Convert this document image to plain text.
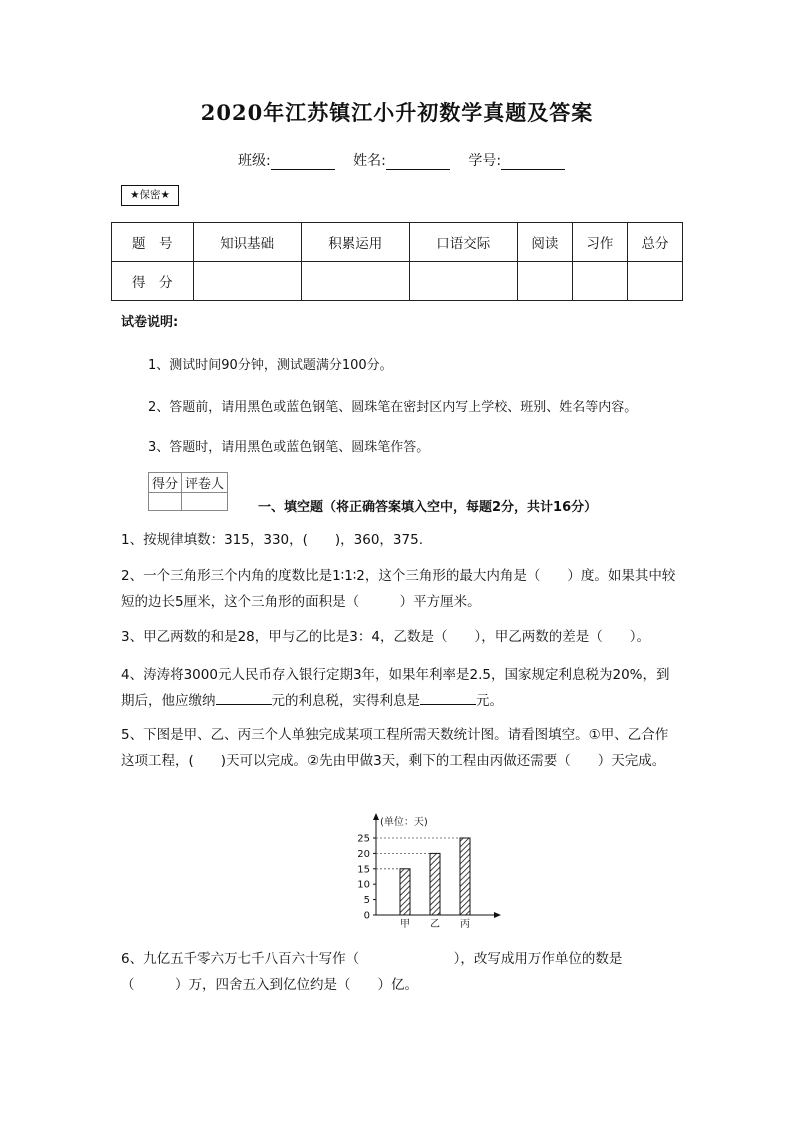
2020年江苏镇江小升初数学真题及答案
班级:	姓名:	学号:
★保密★
题　号	知识基础	积累运用	口语交际	阅读	习作	总分
得　分						
试卷说明:
1、测试时间90分钟，测试题满分100分。
2、答题前，请用黑色或蓝色钢笔、圆珠笔在密封区内写上学校、班别、姓名等内容。
3、答题时，请用黑色或蓝色钢笔、圆珠笔作答。
得分	评卷人

一、填空题（将正确答案填入空中，每题2分，共计16分）
1、按规律填数：315，330，(　　)，360，375.
2、一个三角形三个内角的度数比是1∶1∶2，这个三角形的最大内角是（　　）度。如果其中较短的边长5厘米，这个三角形的面积是（　　　）平方厘米。
3、甲乙两数的和是28，甲与乙的比是3：4，乙数是（　　），甲乙两数的差是（　　）。
4、涛涛将3000元人民币存入银行定期3年，如果年利率是2.5，国家规定利息税为20%，到期后，他应缴纳	元的利息税，实得利息是	元。
5、下图是甲、乙、丙三个人单独完成某项工程所需天数统计图。请看图填空。①甲、乙合作这项工程，(　　)天可以完成。②先由甲做3天，剩下的工程由丙做还需要（　　）天完成。
(单位：天)
0
5
10
15
20
25
甲 乙 丙
6、九亿五千零六万七千八百六十写作（　　　　　　　），改写成用万作单位的数是（　　　）万，四舍五入到亿位约是（　　）亿。
